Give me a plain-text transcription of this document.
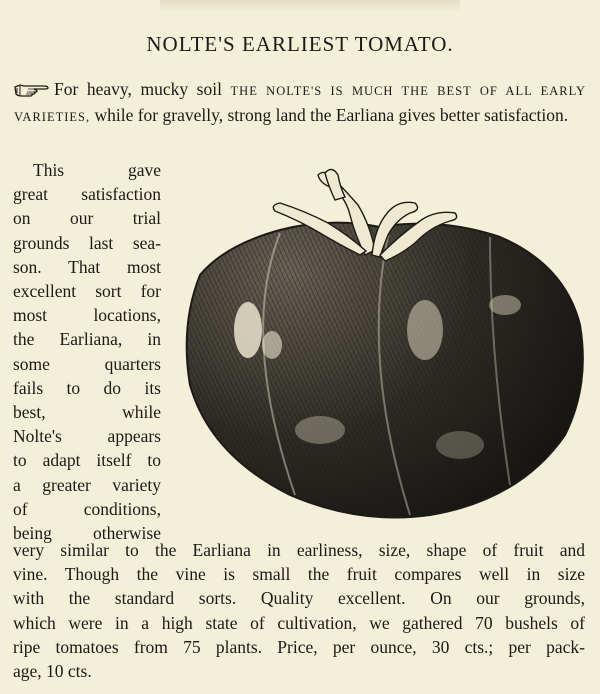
NOLTE'S EARLIEST TOMATO.
For heavy, mucky soil THE NOLTE'S IS MUCH THE BEST OF ALL EARLY VARIETIES, while for gravelly, strong land the Earliana gives better satisfaction.
This gave
great satisfaction
on our trial
grounds last sea-
son. That most
excellent sort for
most locations,
the Earliana, in
some quarters
fails to do its
best, while
Nolte's appears
to adapt itself to
a greater variety
of conditions,
being otherwise
very similar to the Earliana in earliness, size, shape of fruit and
vine. Though the vine is small the fruit compares well in size
with the standard sorts. Quality excellent. On our grounds,
which were in a high state of cultivation, we gathered 70 bushels of
ripe tomatoes from 75 plants. Price, per ounce, 30 cts.; per pack-
age, 10 cts.
